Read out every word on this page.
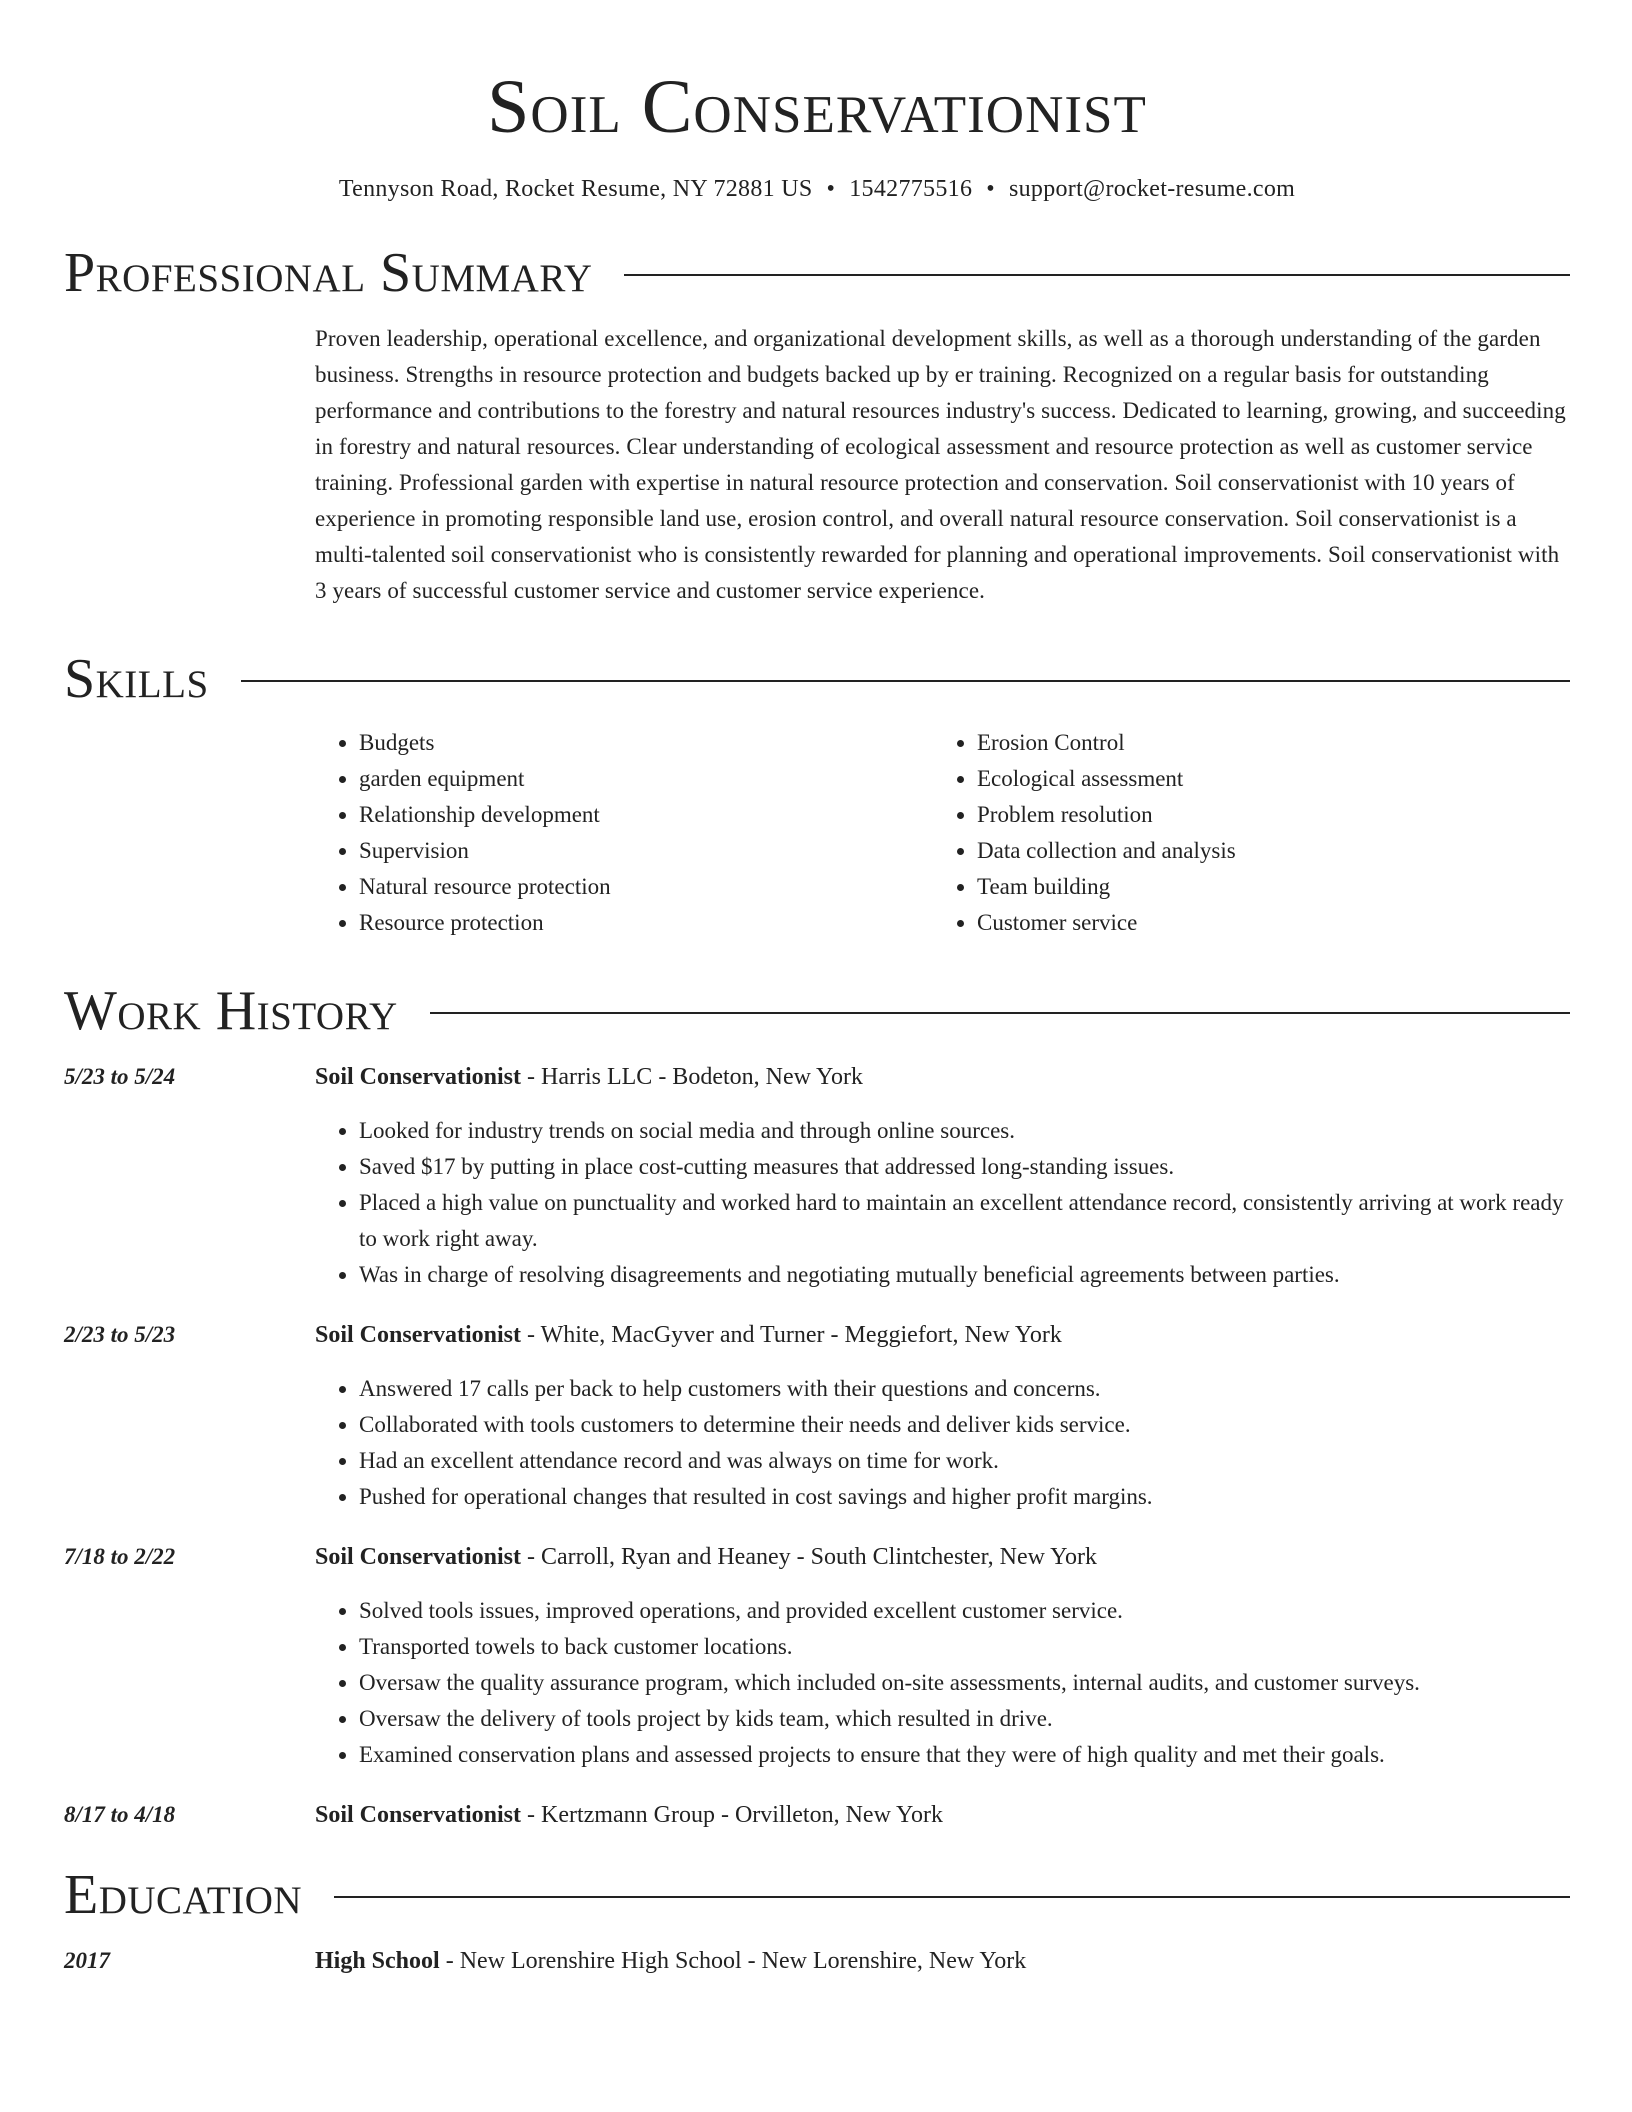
Soil Conservationist
Tennyson Road, Rocket Resume, NY 72881 US • 1542775516 • support@rocket-resume.com
Professional Summary

Proven leadership, operational excellence, and organizational development skills, as well as a thorough understanding of the garden business. Strengths in resource protection and budgets backed up by er training. Recognized on a regular basis for outstanding performance and contributions to the forestry and natural resources industry's success. Dedicated to learning, growing, and succeeding in forestry and natural resources. Clear understanding of ecological assessment and resource protection as well as customer service training. Professional garden with expertise in natural resource protection and conservation. Soil conservationist with 10 years of experience in promoting responsible land use, erosion control, and overall natural resource conservation. Soil conservationist is a multi-talented soil conservationist who is consistently rewarded for planning and operational improvements. Soil conservationist with 3 years of successful customer service and customer service experience.

Skills
• Budgets
• garden equipment
• Relationship development
• Supervision
• Natural resource protection
• Resource protection
• Erosion Control
• Ecological assessment
• Problem resolution
• Data collection and analysis
• Team building
• Customer service
Work History
5/23 to 5/24	Soil Conservationist - Harris LLC - Bodeton, New York
• Looked for industry trends on social media and through online sources.
• Saved $17 by putting in place cost-cutting measures that addressed long-standing issues.
• Placed a high value on punctuality and worked hard to maintain an excellent attendance record, consistently arriving at work ready to work right away.
• Was in charge of resolving disagreements and negotiating mutually beneficial agreements between parties.
2/23 to 5/23	Soil Conservationist - White, MacGyver and Turner - Meggiefort, New York
• Answered 17 calls per back to help customers with their questions and concerns.
• Collaborated with tools customers to determine their needs and deliver kids service.
• Had an excellent attendance record and was always on time for work.
• Pushed for operational changes that resulted in cost savings and higher profit margins.
7/18 to 2/22	Soil Conservationist - Carroll, Ryan and Heaney - South Clintchester, New York
• Solved tools issues, improved operations, and provided excellent customer service.
• Transported towels to back customer locations.
• Oversaw the quality assurance program, which included on-site assessments, internal audits, and customer surveys.
• Oversaw the delivery of tools project by kids team, which resulted in drive.
• Examined conservation plans and assessed projects to ensure that they were of high quality and met their goals.
8/17 to 4/18	Soil Conservationist - Kertzmann Group - Orvilleton, New York
Education
2017	High School - New Lorenshire High School - New Lorenshire, New York
